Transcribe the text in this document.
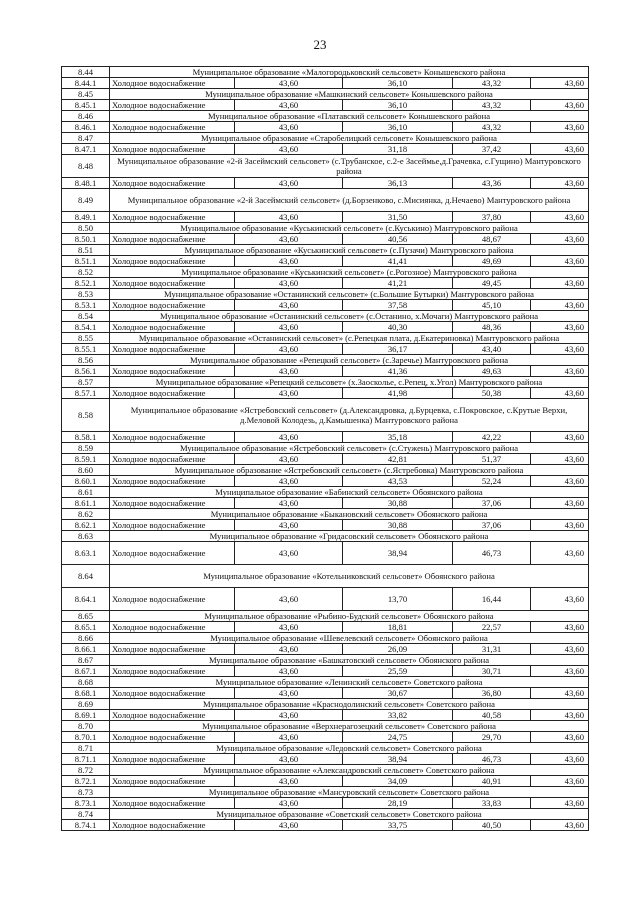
23
8.44	Муниципальное образование «Малогородьковский сельсовет» Конышевского района				
8.44.1	Холодное водоснабжение	43,60	36,10	43,32	43,60
8.45	Муниципальное образование «Машкинский сельсовет» Конышевского района				
8.45.1	Холодное водоснабжение	43,60	36,10	43,32	43,60
8.46	Муниципальное образование «Платавский сельсовет» Конышевского района				
8.46.1	Холодное водоснабжение	43,60	36,10	43,32	43,60
8.47	Муниципальное образование «Старобелицкий сельсовет» Конышевского района				
8.47.1	Холодное водоснабжение	43,60	31,18	37,42	43,60
8.48	Муниципальное образование «2-й Засеймский сельсовет» (с.Трубанское, с.2-е Засеймье,д.Грачевка, с.Гущино) Мантуровского района				
8.48.1	Холодное водоснабжение	43,60	36,13	43,36	43,60
8.49	Муниципальное образование «2-й Засеймский сельсовет» (д.Борзенково, с.Мисиянка, д.Нечаево) Мантуровского района				
8.49.1	Холодное водоснабжение	43,60	31,50	37,80	43,60
8.50	Муниципальное образование «Куськинский сельсовет» (с.Куськино) Мантуровского района				
8.50.1	Холодное водоснабжение	43,60	40,56	48,67	43,60
8.51	Муниципальное образование «Куськинский сельсовет» (с.Пузачи) Мантуровского района				
8.51.1	Холодное водоснабжение	43,60	41,41	49,69	43,60
8.52	Муниципальное образование «Куськинский сельсовет» (с.Рогозное) Мантуровского района				
8.52.1	Холодное водоснабжение	43,60	41,21	49,45	43,60
8.53	Муниципальное образование «Останинский сельсовет» (с.Большие Бутырки) Мантуровского района				
8.53.1	Холодное водоснабжение	43,60	37,58	45,10	43,60
8.54	Муниципальное образование «Останинский сельсовет» (с.Останино, х.Мочаги) Мантуровского района				
8.54.1	Холодное водоснабжение	43,60	40,30	48,36	43,60
8.55	Муниципальное образование «Останинский сельсовет» (с.Репецкая плата, д.Екатериновка) Мантуровского района				
8.55.1	Холодное водоснабжение	43,60	36,17	43,40	43,60
8.56	Муниципальное образование «Репецкий сельсовет» (с.Заречье) Мантуровского района				
8.56.1	Холодное водоснабжение	43,60	41,36	49,63	43,60
8.57	Муниципальное образование «Репецкий сельсовет» (х.Заосколье, с.Репец, х.Угол) Мантуровского района				
8.57.1	Холодное водоснабжение	43,60	41,98	50,38	43,60
8.58	Муниципальное образование «Ястребовский сельсовет» (д.Александровка, д.Бурцевка, с.Покровское, с.Крутые Верхи, д.Меловой Колодезь, д.Камышенка) Мантуровского района				
8.58.1	Холодное водоснабжение	43,60	35,18	42,22	43,60
8.59	Муниципальное образование «Ястребовский сельсовет» (с.Стужень) Мантуровского района				
8.59.1	Холодное водоснабжение	43,60	42,81	51,37	43,60
8.60	Муниципальное образование «Ястребовский сельсовет» (с.Ястребовка) Мантуровского района				
8.60.1	Холодное водоснабжение	43,60	43,53	52,24	43,60
8.61	Муниципальное образование «Бабинский сельсовет» Обоянского района				
8.61.1	Холодное водоснабжение	43,60	30,88	37,06	43,60
8.62	Муниципальное образование «Быкановский сельсовет» Обоянского района				
8.62.1	Холодное водоснабжение	43,60	30,88	37,06	43,60
8.63	Муниципальное образование «Гридасовский сельсовет» Обоянского района				
8.63.1	Холодное водоснабжение	43,60	38,94	46,73	43,60
8.64	Муниципальное образование «Котельниковский сельсовет» Обоянского района				
8.64.1	Холодное водоснабжение	43,60	13,70	16,44	43,60
8.65	Муниципальное образование «Рыбино-Будский сельсовет» Обоянского района				
8.65.1	Холодное водоснабжение	43,60	18,81	22,57	43,60
8.66	Муниципальное образование «Шевелевский сельсовет» Обоянского района				
8.66.1	Холодное водоснабжение	43,60	26,09	31,31	43,60
8.67	Муниципальное образование «Башкатовский сельсовет» Обоянского района				
8.67.1	Холодное водоснабжение	43,60	25,59	30,71	43,60
8.68	Муниципальное образование «Ленинский сельсовет» Советского района				
8.68.1	Холодное водоснабжение	43,60	30,67	36,80	43,60
8.69	Муниципальное образование «Краснодолинский сельсовет» Советского района				
8.69.1	Холодное водоснабжение	43,60	33,82	40,58	43,60
8.70	Муниципальное образование «Верхнерагозецкий сельсовет» Советского района				
8.70.1	Холодное водоснабжение	43,60	24,75	29,70	43,60
8.71	Муниципальное образование «Ледовский сельсовет» Советского района				
8.71.1	Холодное водоснабжение	43,60	38,94	46,73	43,60
8.72	Муниципальное образование «Александровский сельсовет» Советского района				
8.72.1	Холодное водоснабжение	43,60	34,09	40,91	43,60
8.73	Муниципальное образование «Мансуровский сельсовет» Советского района				
8.73.1	Холодное водоснабжение	43,60	28,19	33,83	43,60
8.74	Муниципальное образование «Советский сельсовет» Советского района				
8.74.1	Холодное водоснабжение	43,60	33,75	40,50	43,60
